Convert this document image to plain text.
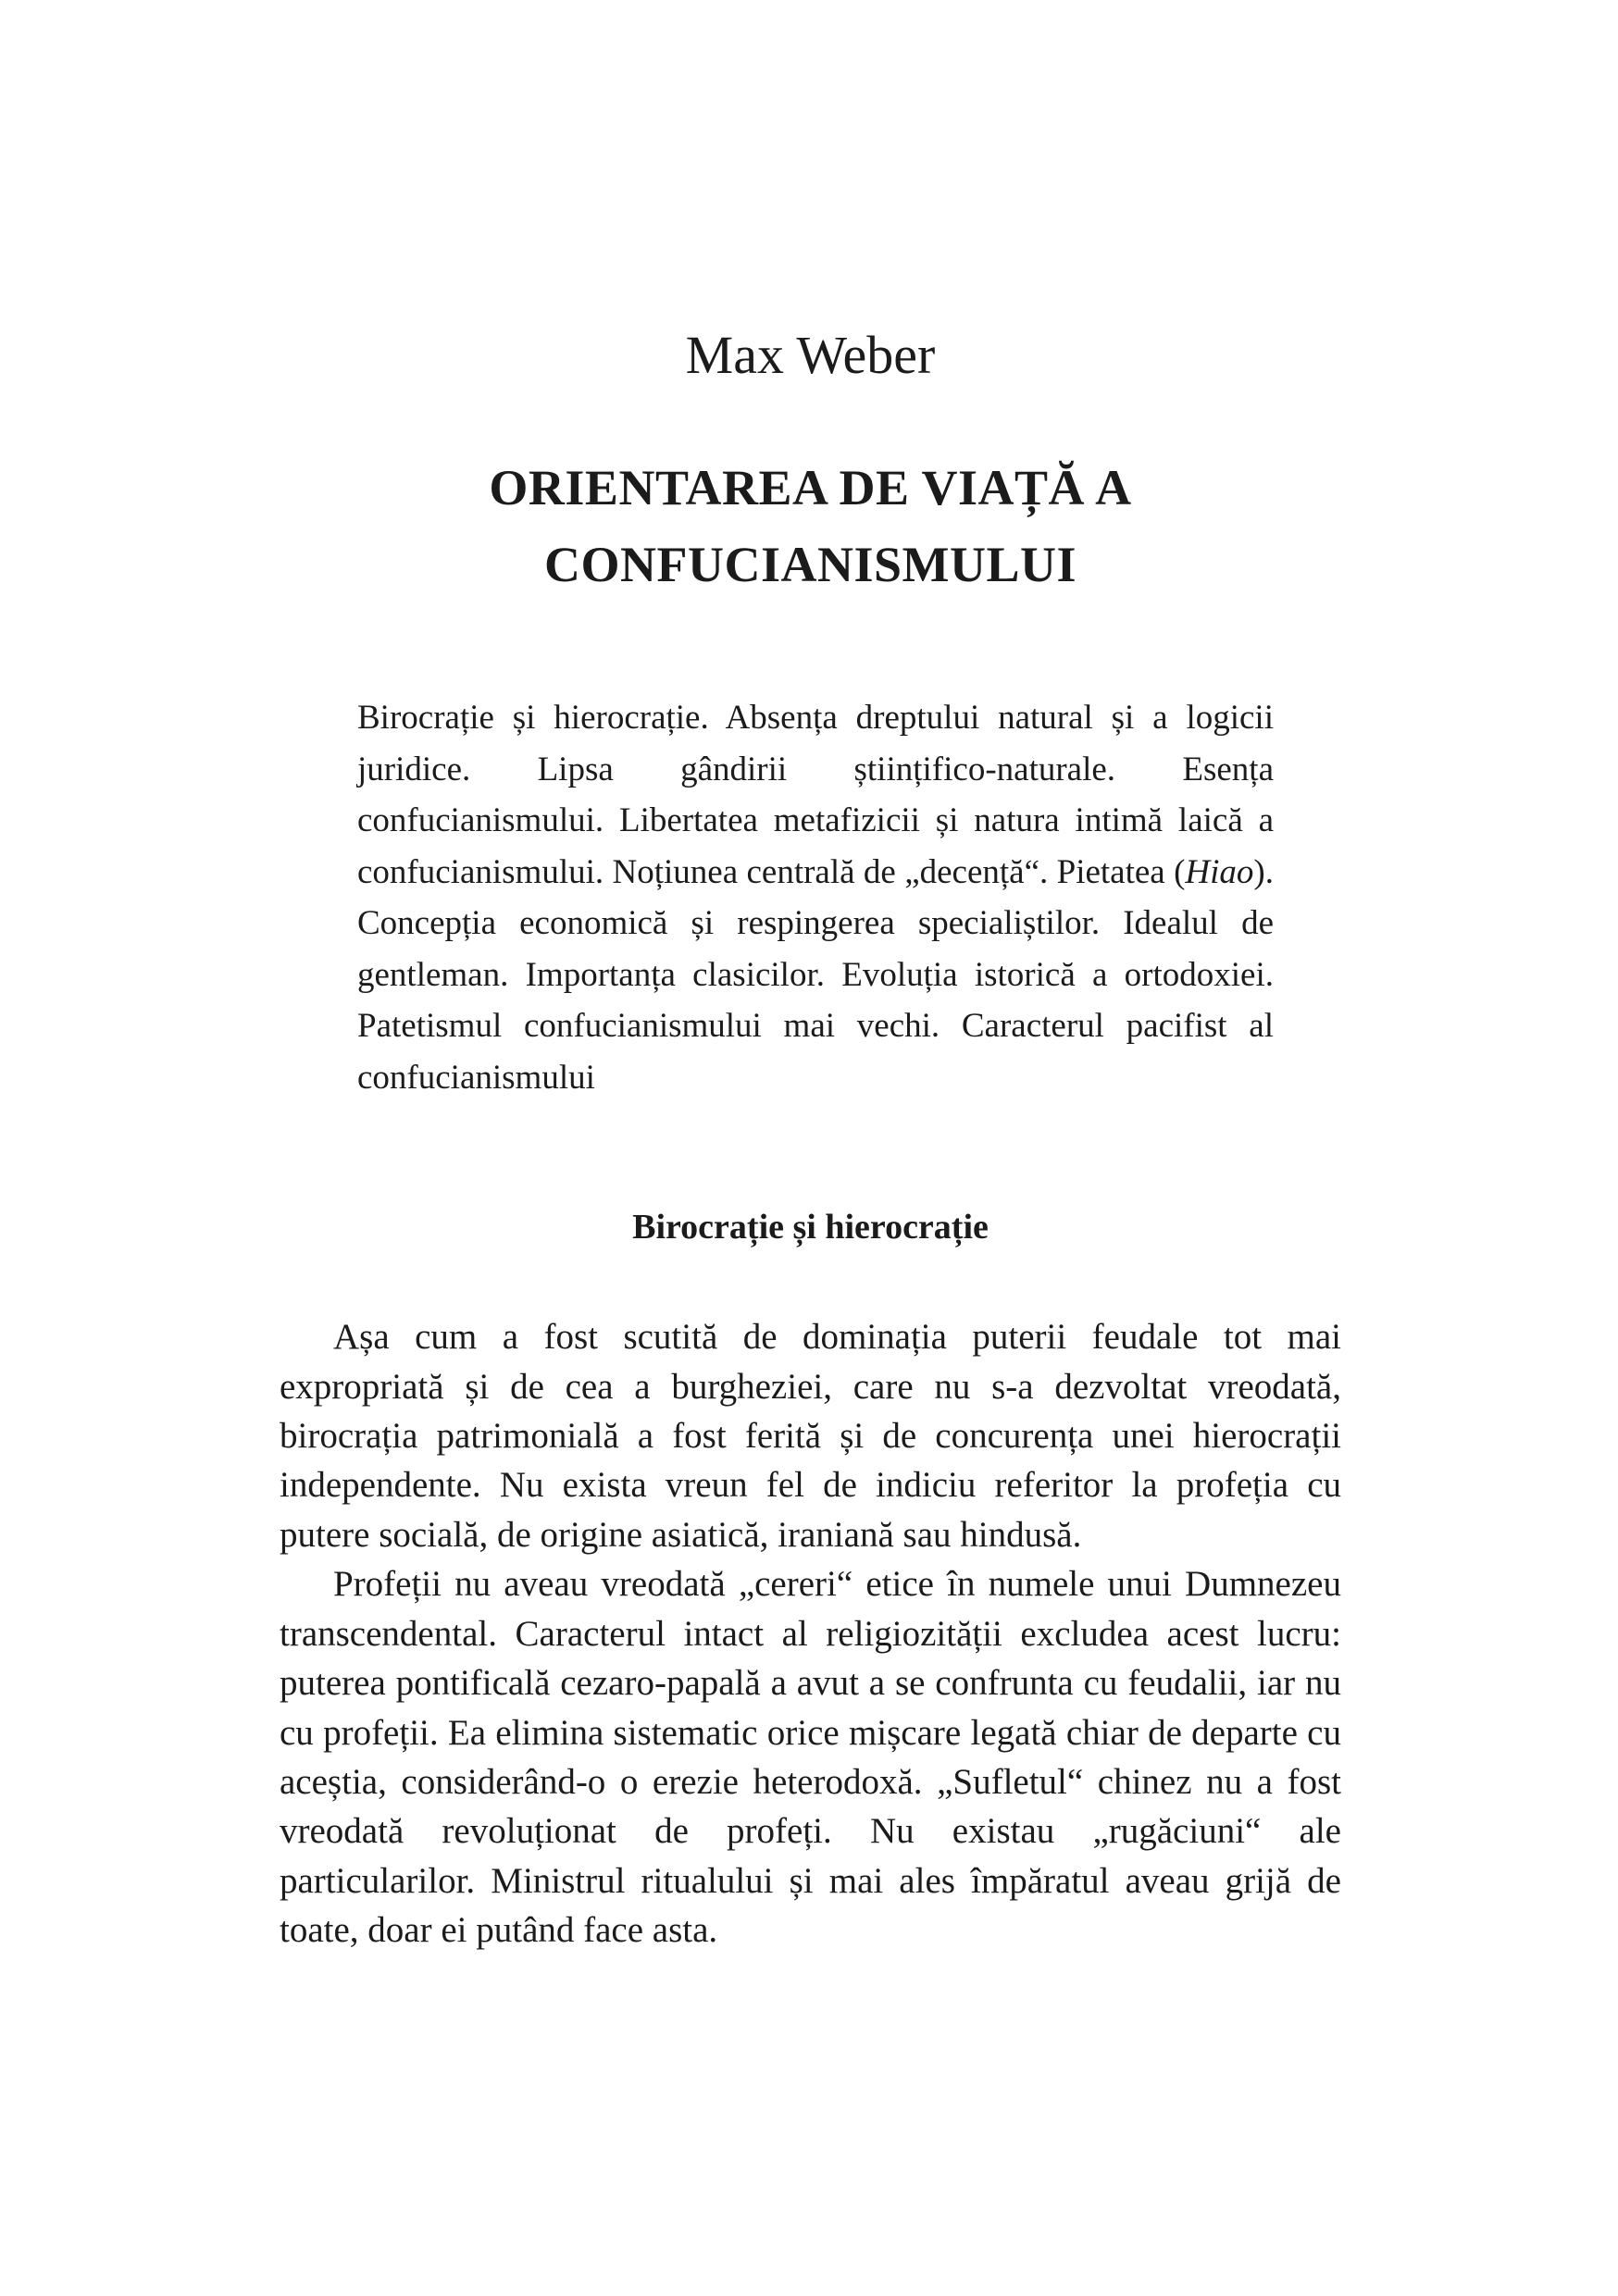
Max Weber
ORIENTAREA DE VIAȚĂ A
CONFUCIANISMULUI

Birocrație și hierocrație. Absența dreptului natural și a logicii juridice. Lipsa gândirii științifico-naturale. Esența confucianismului. Libertatea metafizicii și natura intimă laică a confucianismului. Noțiunea centrală de „decență“. Pietatea (Hiao). Concepția economică și respingerea specialiștilor. Idealul de gentleman. Importanța clasicilor. Evoluția istorică a ortodoxiei. Patetismul confucianismului mai vechi. Caracterul pacifist al confucianismului

Birocrație și hierocrație

Așa cum a fost scutită de dominația puterii feudale tot mai expropriată și de cea a burgheziei, care nu s-a dezvoltat vreodată, birocrația patrimonială a fost ferită și de concurența unei hierocrații independente. Nu exista vreun fel de indiciu referitor la profeția cu putere socială, de origine asiatică, iraniană sau hindusă.

Profeții nu aveau vreodată „cereri“ etice în numele unui Dumnezeu transcendental. Caracterul intact al religiozității excludea acest lucru: puterea pontificală cezaro-papală a avut a se confrunta cu feudalii, iar nu cu profeții. Ea elimina sistematic orice mișcare legată chiar de departe cu aceștia, considerând-o o erezie heterodoxă. „Sufletul“ chinez nu a fost vreodată revoluționat de profeți. Nu existau „rugăciuni“ ale particularilor. Ministrul ritualului și mai ales împăratul aveau grijă de toate, doar ei putând face asta.
